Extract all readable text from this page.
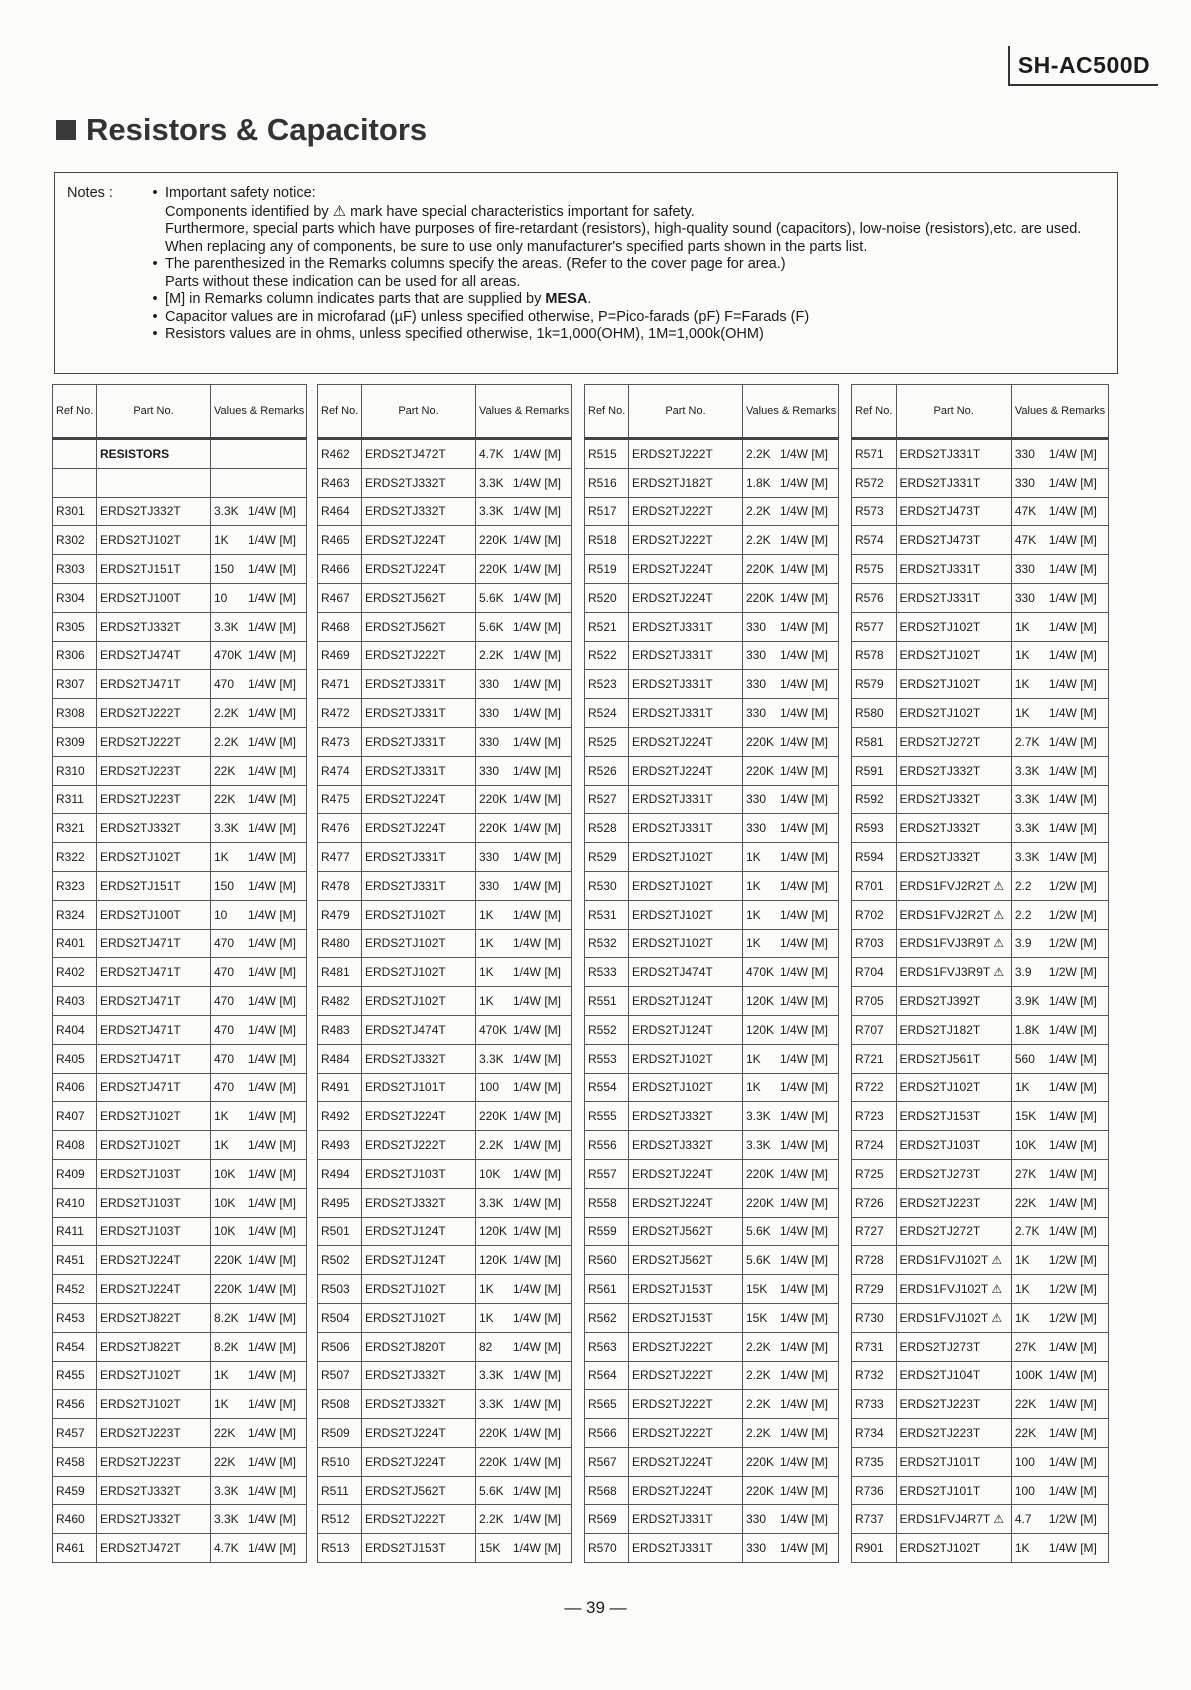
SH-AC500D
Resistors & Capacitors
Notes :	• Important safety notice:
Components identified by ⚠ mark have special characteristics important for safety.
Furthermore, special parts which have purposes of fire-retardant (resistors), high-quality sound (capacitors), low-noise (resistors),etc. are used.
When replacing any of components, be sure to use only manufacturer's specified parts shown in the parts list.
• The parenthesized in the Remarks columns specify the areas. (Refer to the cover page for area.)
Parts without these indication can be used for all areas.
• [M] in Remarks column indicates parts that are supplied by MESA.
• Capacitor values are in microfarad (µF) unless specified otherwise, P=Pico-farads (pF) F=Farads (F)
• Resistors values are in ohms, unless specified otherwise, 1k=1,000(OHM), 1M=1,000k(OHM)
Ref No.	Part No.	Values & Remarks
	RESISTORS	

R301	ERDS2TJ332T	3.3K 1/4W [M]
R302	ERDS2TJ102T	1K 1/4W [M]
R303	ERDS2TJ151T	150 1/4W [M]
R304	ERDS2TJ100T	10 1/4W [M]
R305	ERDS2TJ332T	3.3K 1/4W [M]
R306	ERDS2TJ474T	470K 1/4W [M]
R307	ERDS2TJ471T	470 1/4W [M]
R308	ERDS2TJ222T	2.2K 1/4W [M]
R309	ERDS2TJ222T	2.2K 1/4W [M]
R310	ERDS2TJ223T	22K 1/4W [M]
R311	ERDS2TJ223T	22K 1/4W [M]
R321	ERDS2TJ332T	3.3K 1/4W [M]
R322	ERDS2TJ102T	1K 1/4W [M]
R323	ERDS2TJ151T	150 1/4W [M]
R324	ERDS2TJ100T	10 1/4W [M]
R401	ERDS2TJ471T	470 1/4W [M]
R402	ERDS2TJ471T	470 1/4W [M]
R403	ERDS2TJ471T	470 1/4W [M]
R404	ERDS2TJ471T	470 1/4W [M]
R405	ERDS2TJ471T	470 1/4W [M]
R406	ERDS2TJ471T	470 1/4W [M]
R407	ERDS2TJ102T	1K 1/4W [M]
R408	ERDS2TJ102T	1K 1/4W [M]
R409	ERDS2TJ103T	10K 1/4W [M]
R410	ERDS2TJ103T	10K 1/4W [M]
R411	ERDS2TJ103T	10K 1/4W [M]
R451	ERDS2TJ224T	220K 1/4W [M]
R452	ERDS2TJ224T	220K 1/4W [M]
R453	ERDS2TJ822T	8.2K 1/4W [M]
R454	ERDS2TJ822T	8.2K 1/4W [M]
R455	ERDS2TJ102T	1K 1/4W [M]
R456	ERDS2TJ102T	1K 1/4W [M]
R457	ERDS2TJ223T	22K 1/4W [M]
R458	ERDS2TJ223T	22K 1/4W [M]
R459	ERDS2TJ332T	3.3K 1/4W [M]
R460	ERDS2TJ332T	3.3K 1/4W [M]
R461	ERDS2TJ472T	4.7K 1/4W [M]
Ref No.	Part No.	Values & Remarks
R462	ERDS2TJ472T	4.7K 1/4W [M]
R463	ERDS2TJ332T	3.3K 1/4W [M]
R464	ERDS2TJ332T	3.3K 1/4W [M]
R465	ERDS2TJ224T	220K 1/4W [M]
R466	ERDS2TJ224T	220K 1/4W [M]
R467	ERDS2TJ562T	5.6K 1/4W [M]
R468	ERDS2TJ562T	5.6K 1/4W [M]
R469	ERDS2TJ222T	2.2K 1/4W [M]
R471	ERDS2TJ331T	330 1/4W [M]
R472	ERDS2TJ331T	330 1/4W [M]
R473	ERDS2TJ331T	330 1/4W [M]
R474	ERDS2TJ331T	330 1/4W [M]
R475	ERDS2TJ224T	220K 1/4W [M]
R476	ERDS2TJ224T	220K 1/4W [M]
R477	ERDS2TJ331T	330 1/4W [M]
R478	ERDS2TJ331T	330 1/4W [M]
R479	ERDS2TJ102T	1K 1/4W [M]
R480	ERDS2TJ102T	1K 1/4W [M]
R481	ERDS2TJ102T	1K 1/4W [M]
R482	ERDS2TJ102T	1K 1/4W [M]
R483	ERDS2TJ474T	470K 1/4W [M]
R484	ERDS2TJ332T	3.3K 1/4W [M]
R491	ERDS2TJ101T	100 1/4W [M]
R492	ERDS2TJ224T	220K 1/4W [M]
R493	ERDS2TJ222T	2.2K 1/4W [M]
R494	ERDS2TJ103T	10K 1/4W [M]
R495	ERDS2TJ332T	3.3K 1/4W [M]
R501	ERDS2TJ124T	120K 1/4W [M]
R502	ERDS2TJ124T	120K 1/4W [M]
R503	ERDS2TJ102T	1K 1/4W [M]
R504	ERDS2TJ102T	1K 1/4W [M]
R506	ERDS2TJ820T	82 1/4W [M]
R507	ERDS2TJ332T	3.3K 1/4W [M]
R508	ERDS2TJ332T	3.3K 1/4W [M]
R509	ERDS2TJ224T	220K 1/4W [M]
R510	ERDS2TJ224T	220K 1/4W [M]
R511	ERDS2TJ562T	5.6K 1/4W [M]
R512	ERDS2TJ222T	2.2K 1/4W [M]
R513	ERDS2TJ153T	15K 1/4W [M]
Ref No.	Part No.	Values & Remarks
R515	ERDS2TJ222T	2.2K 1/4W [M]
R516	ERDS2TJ182T	1.8K 1/4W [M]
R517	ERDS2TJ222T	2.2K 1/4W [M]
R518	ERDS2TJ222T	2.2K 1/4W [M]
R519	ERDS2TJ224T	220K 1/4W [M]
R520	ERDS2TJ224T	220K 1/4W [M]
R521	ERDS2TJ331T	330 1/4W [M]
R522	ERDS2TJ331T	330 1/4W [M]
R523	ERDS2TJ331T	330 1/4W [M]
R524	ERDS2TJ331T	330 1/4W [M]
R525	ERDS2TJ224T	220K 1/4W [M]
R526	ERDS2TJ224T	220K 1/4W [M]
R527	ERDS2TJ331T	330 1/4W [M]
R528	ERDS2TJ331T	330 1/4W [M]
R529	ERDS2TJ102T	1K 1/4W [M]
R530	ERDS2TJ102T	1K 1/4W [M]
R531	ERDS2TJ102T	1K 1/4W [M]
R532	ERDS2TJ102T	1K 1/4W [M]
R533	ERDS2TJ474T	470K 1/4W [M]
R551	ERDS2TJ124T	120K 1/4W [M]
R552	ERDS2TJ124T	120K 1/4W [M]
R553	ERDS2TJ102T	1K 1/4W [M]
R554	ERDS2TJ102T	1K 1/4W [M]
R555	ERDS2TJ332T	3.3K 1/4W [M]
R556	ERDS2TJ332T	3.3K 1/4W [M]
R557	ERDS2TJ224T	220K 1/4W [M]
R558	ERDS2TJ224T	220K 1/4W [M]
R559	ERDS2TJ562T	5.6K 1/4W [M]
R560	ERDS2TJ562T	5.6K 1/4W [M]
R561	ERDS2TJ153T	15K 1/4W [M]
R562	ERDS2TJ153T	15K 1/4W [M]
R563	ERDS2TJ222T	2.2K 1/4W [M]
R564	ERDS2TJ222T	2.2K 1/4W [M]
R565	ERDS2TJ222T	2.2K 1/4W [M]
R566	ERDS2TJ222T	2.2K 1/4W [M]
R567	ERDS2TJ224T	220K 1/4W [M]
R568	ERDS2TJ224T	220K 1/4W [M]
R569	ERDS2TJ331T	330 1/4W [M]
R570	ERDS2TJ331T	330 1/4W [M]
Ref No.	Part No.	Values & Remarks
R571	ERDS2TJ331T	330 1/4W [M]
R572	ERDS2TJ331T	330 1/4W [M]
R573	ERDS2TJ473T	47K 1/4W [M]
R574	ERDS2TJ473T	47K 1/4W [M]
R575	ERDS2TJ331T	330 1/4W [M]
R576	ERDS2TJ331T	330 1/4W [M]
R577	ERDS2TJ102T	1K 1/4W [M]
R578	ERDS2TJ102T	1K 1/4W [M]
R579	ERDS2TJ102T	1K 1/4W [M]
R580	ERDS2TJ102T	1K 1/4W [M]
R581	ERDS2TJ272T	2.7K 1/4W [M]
R591	ERDS2TJ332T	3.3K 1/4W [M]
R592	ERDS2TJ332T	3.3K 1/4W [M]
R593	ERDS2TJ332T	3.3K 1/4W [M]
R594	ERDS2TJ332T	3.3K 1/4W [M]
R701	ERDS1FVJ2R2T ⚠	2.2 1/2W [M]
R702	ERDS1FVJ2R2T ⚠	2.2 1/2W [M]
R703	ERDS1FVJ3R9T ⚠	3.9 1/2W [M]
R704	ERDS1FVJ3R9T ⚠	3.9 1/2W [M]
R705	ERDS2TJ392T	3.9K 1/4W [M]
R707	ERDS2TJ182T	1.8K 1/4W [M]
R721	ERDS2TJ561T	560 1/4W [M]
R722	ERDS2TJ102T	1K 1/4W [M]
R723	ERDS2TJ153T	15K 1/4W [M]
R724	ERDS2TJ103T	10K 1/4W [M]
R725	ERDS2TJ273T	27K 1/4W [M]
R726	ERDS2TJ223T	22K 1/4W [M]
R727	ERDS2TJ272T	2.7K 1/4W [M]
R728	ERDS1FVJ102T ⚠	1K 1/2W [M]
R729	ERDS1FVJ102T ⚠	1K 1/2W [M]
R730	ERDS1FVJ102T ⚠	1K 1/2W [M]
R731	ERDS2TJ273T	27K 1/4W [M]
R732	ERDS2TJ104T	100K 1/4W [M]
R733	ERDS2TJ223T	22K 1/4W [M]
R734	ERDS2TJ223T	22K 1/4W [M]
R735	ERDS2TJ101T	100 1/4W [M]
R736	ERDS2TJ101T	100 1/4W [M]
R737	ERDS1FVJ4R7T ⚠	4.7 1/2W [M]
R901	ERDS2TJ102T	1K 1/4W [M]
— 39 —
